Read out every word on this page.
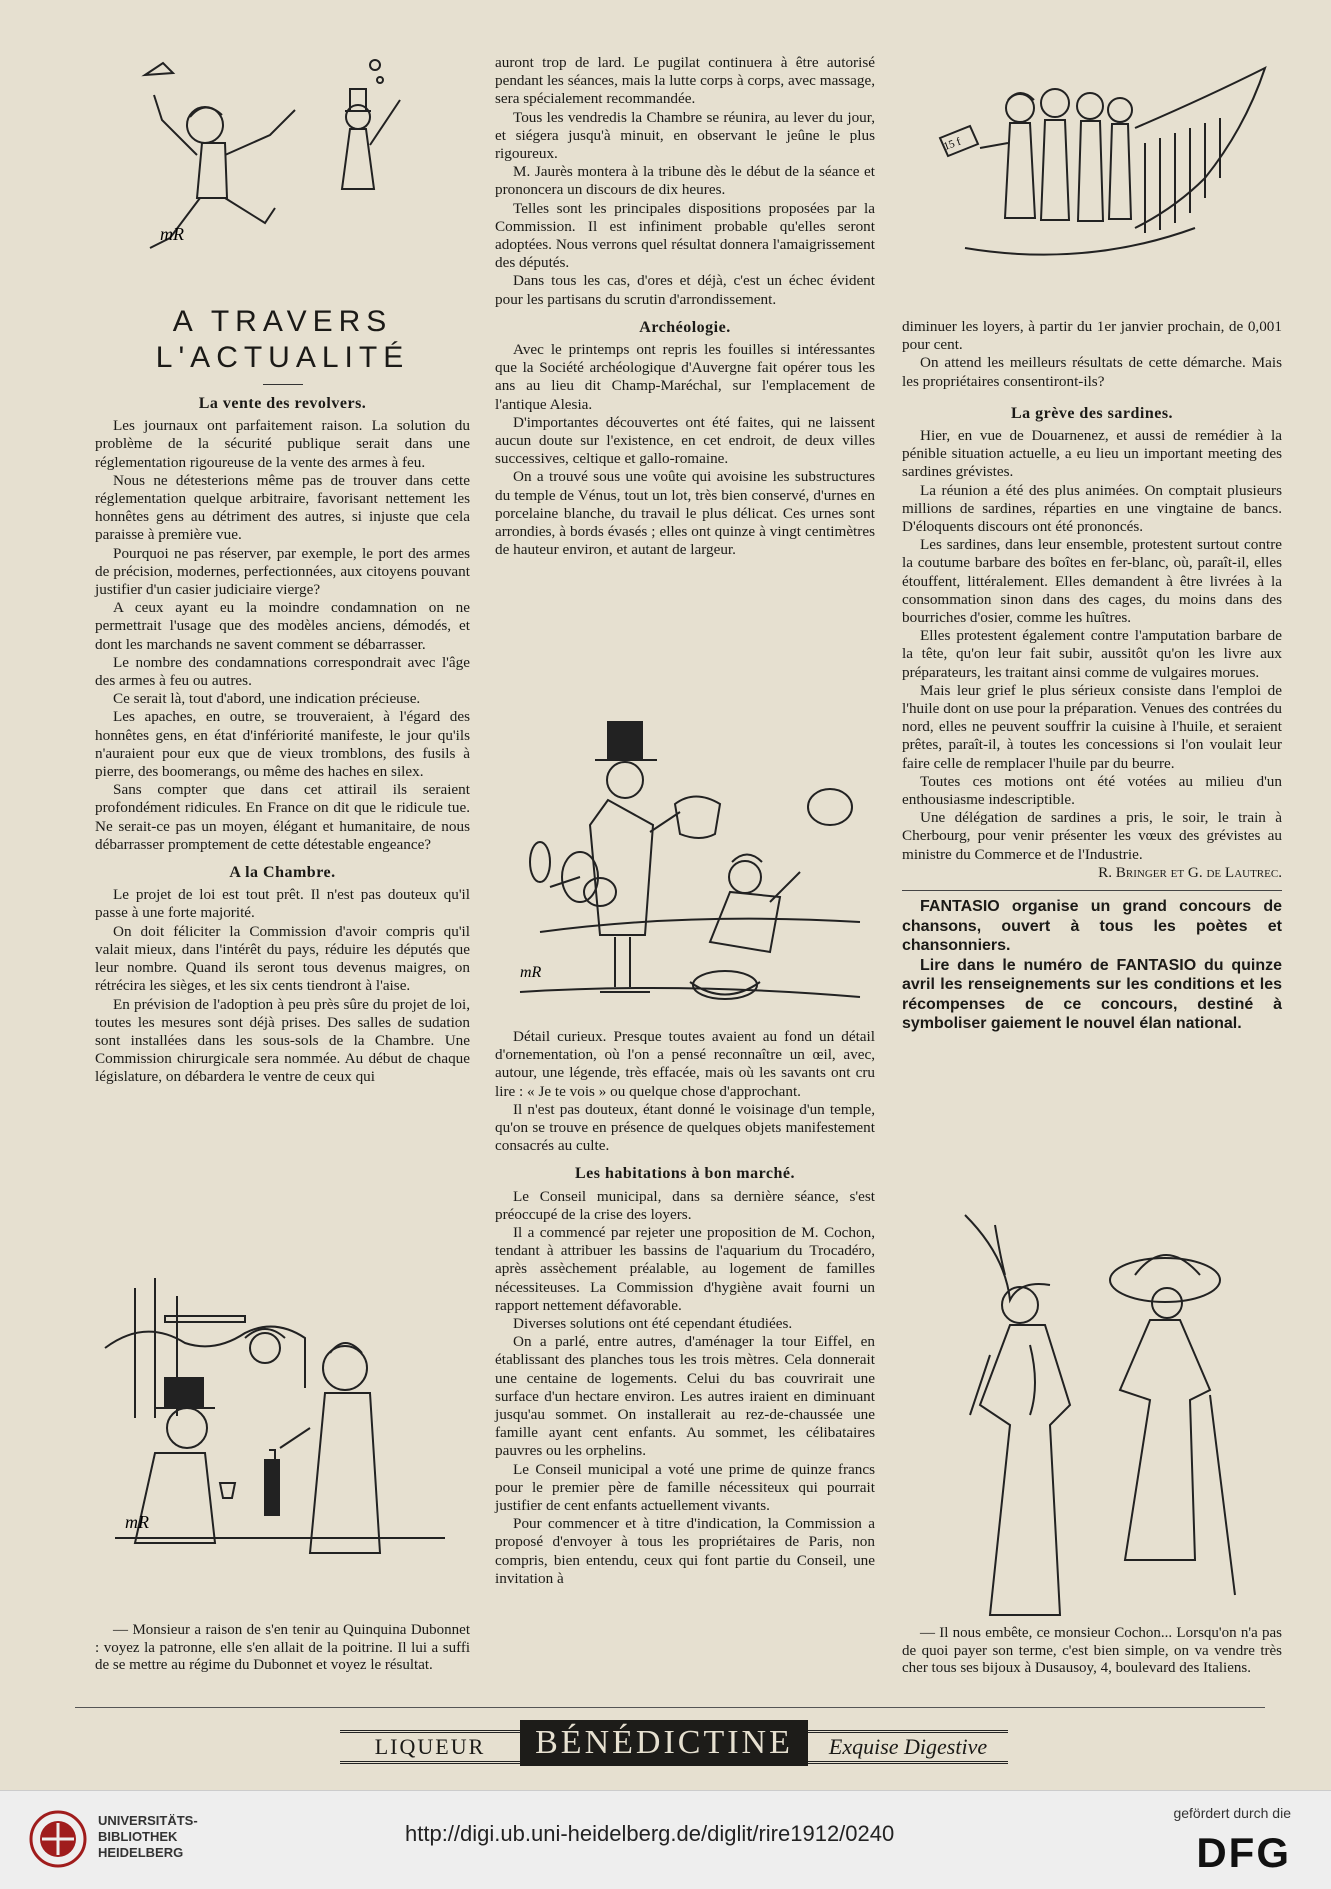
mR
15 f
mR
mR
A TRAVERS
L'ACTUALITÉ
La vente des revolvers.

Les journaux ont parfaitement raison. La solution du problème de la sécurité publique serait dans une réglementation rigoureuse de la vente des armes à feu.

Nous ne détesterions même pas de trouver dans cette réglementation quelque arbitraire, favorisant nettement les honnêtes gens au détriment des autres, si injuste que cela paraisse à première vue.

Pourquoi ne pas réserver, par exemple, le port des armes de précision, modernes, perfectionnées, aux citoyens pouvant justifier d'un casier judiciaire vierge?

A ceux ayant eu la moindre condamnation on ne permettrait l'usage que des modèles anciens, démodés, et dont les marchands ne savent comment se débarrasser.

Le nombre des condamnations correspondrait avec l'âge des armes à feu ou autres.

Ce serait là, tout d'abord, une indication précieuse.

Les apaches, en outre, se trouveraient, à l'égard des honnêtes gens, en état d'infériorité manifeste, le jour qu'ils n'auraient pour eux que de vieux tromblons, des fusils à pierre, des boomerangs, ou même des haches en silex.

Sans compter que dans cet attirail ils seraient profondément ridicules. En France on dit que le ridicule tue. Ne serait-ce pas un moyen, élégant et humanitaire, de nous débarrasser promptement de cette détestable engeance?

A la Chambre.

Le projet de loi est tout prêt. Il n'est pas douteux qu'il passe à une forte majorité.

On doit féliciter la Commission d'avoir compris qu'il valait mieux, dans l'intérêt du pays, réduire les députés que leur nombre. Quand ils seront tous devenus maigres, on rétrécira les sièges, et les six cents tiendront à l'aise.

En prévision de l'adoption à peu près sûre du projet de loi, toutes les mesures sont déjà prises. Des salles de sudation sont installées dans les sous-sols de la Chambre. Une Commission chirurgicale sera nommée. Au début de chaque législature, on débardera le ventre de ceux qui

— Monsieur a raison de s'en tenir au Quinquina Dubonnet : voyez la patronne, elle s'en allait de la poitrine. Il lui a suffi de se mettre au régime du Dubonnet et voyez le résultat.

auront trop de lard. Le pugilat continuera à être autorisé pendant les séances, mais la lutte corps à corps, avec massage, sera spécialement recommandée.

Tous les vendredis la Chambre se réunira, au lever du jour, et siégera jusqu'à minuit, en observant le jeûne le plus rigoureux.

M. Jaurès montera à la tribune dès le début de la séance et prononcera un discours de dix heures.

Telles sont les principales dispositions proposées par la Commission. Il est infiniment probable qu'elles seront adoptées. Nous verrons quel résultat donnera l'amaigrissement des députés.

Dans tous les cas, d'ores et déjà, c'est un échec évident pour les partisans du scrutin d'arrondissement.

Archéologie.

Avec le printemps ont repris les fouilles si intéressantes que la Société archéologique d'Auvergne fait opérer tous les ans au lieu dit Champ-Maréchal, sur l'emplacement de l'antique Alesia.

D'importantes découvertes ont été faites, qui ne laissent aucun doute sur l'existence, en cet endroit, de deux villes successives, celtique et gallo-romaine.

On a trouvé sous une voûte qui avoisine les substructures du temple de Vénus, tout un lot, très bien conservé, d'urnes en porcelaine blanche, du travail le plus délicat. Ces urnes sont arrondies, à bords évasés ; elles ont quinze à vingt centimètres de hauteur environ, et autant de largeur.

Détail curieux. Presque toutes avaient au fond un détail d'ornementation, où l'on a pensé reconnaître un œil, avec, autour, une légende, très effacée, mais où les savants ont cru lire : « Je te vois » ou quelque chose d'approchant.

Il n'est pas douteux, étant donné le voisinage d'un temple, qu'on se trouve en présence de quelques objets manifestement consacrés au culte.

Les habitations à bon marché.

Le Conseil municipal, dans sa dernière séance, s'est préoccupé de la crise des loyers.

Il a commencé par rejeter une proposition de M. Cochon, tendant à attribuer les bassins de l'aquarium du Trocadéro, après assèchement préalable, au logement de familles nécessiteuses. La Commission d'hygiène avait fourni un rapport nettement défavorable.

Diverses solutions ont été cependant étudiées.

On a parlé, entre autres, d'aménager la tour Eiffel, en établissant des planches tous les trois mètres. Cela donnerait une centaine de logements. Celui du bas couvrirait une surface d'un hectare environ. Les autres iraient en diminuant jusqu'au sommet. On installerait au rez-de-chaussée une famille ayant cent enfants. Au sommet, les célibataires pauvres ou les orphelins.

Le Conseil municipal a voté une prime de quinze francs pour le premier père de famille nécessiteux qui pourrait justifier de cent enfants actuellement vivants.

Pour commencer et à titre d'indication, la Commission a proposé d'envoyer à tous les propriétaires de Paris, non compris, bien entendu, ceux qui font partie du Conseil, une invitation à

diminuer les loyers, à partir du 1er janvier prochain, de 0,001 pour cent.

On attend les meilleurs résultats de cette démarche. Mais les propriétaires consentiront-ils?

La grève des sardines.

Hier, en vue de Douarnenez, et aussi de remédier à la pénible situation actuelle, a eu lieu un important meeting des sardines grévistes.

La réunion a été des plus animées. On comptait plusieurs millions de sardines, réparties en une vingtaine de bancs. D'éloquents discours ont été prononcés.

Les sardines, dans leur ensemble, protestent surtout contre la coutume barbare des boîtes en fer-blanc, où, paraît-il, elles étouffent, littéralement. Elles demandent à être livrées à la consommation sinon dans des cages, du moins dans des bourriches d'osier, comme les huîtres.

Elles protestent également contre l'amputation barbare de la tête, qu'on leur fait subir, aussitôt qu'on les livre aux préparateurs, les traitant ainsi comme de vulgaires morues.

Mais leur grief le plus sérieux consiste dans l'emploi de l'huile dont on use pour la préparation. Venues des contrées du nord, elles ne peuvent souffrir la cuisine à l'huile, et seraient prêtes, paraît-il, à toutes les concessions si l'on voulait leur faire celle de remplacer l'huile par du beurre.

Toutes ces motions ont été votées au milieu d'un enthousiasme indescriptible.

Une délégation de sardines a pris, le soir, le train à Cherbourg, pour venir présenter les vœux des grévistes au ministre du Commerce et de l'Industrie.

R. Bringer et G. de Lautrec.

FANTASIO organise un grand concours de chansons, ouvert à tous les poètes et chansonniers.

Lire dans le numéro de FANTASIO du quinze avril les renseignements sur les conditions et les récompenses de ce concours, destiné à symboliser gaiement le nouvel élan national.

— Il nous embête, ce monsieur Cochon... Lorsqu'on n'a pas de quoi payer son terme, c'est bien simple, on va vendre très cher tous ses bijoux à Dusausoy, 4, boulevard des Italiens.

LIQUEUR	BÉNÉDICTINE	Exquise Digestive
UNIVERSITÄTS-
BIBLIOTHEK
HEIDELBERG
http://digi.ub.uni-heidelberg.de/diglit/rire1912/0240
gefördert durch die
DFG
